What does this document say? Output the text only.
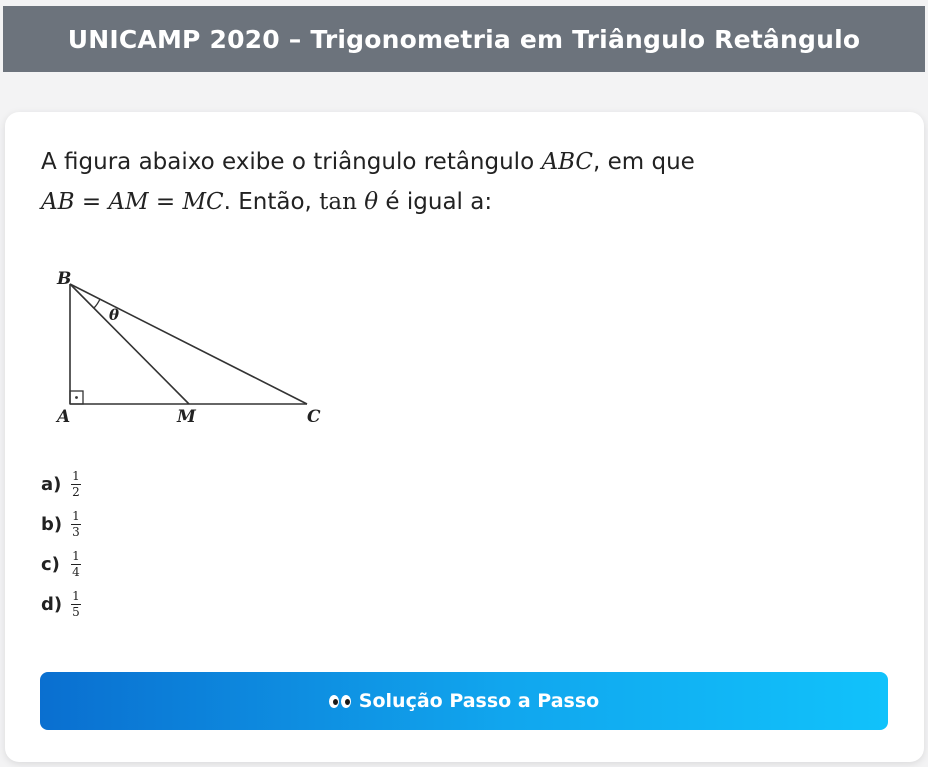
UNICAMP 2020 – Trigonometria em Triângulo Retângulo
A figura abaixo exibe o triângulo retângulo ABC, em que
AB = AM = MC. Então, tan θ é igual a:
B
A	M	C
θ
$a) \frac{1}{2}$
$b) \frac{1}{3}$
$c) \frac{1}{4}$
$d) \frac{1}{5}$
Solução Passo a Passo
